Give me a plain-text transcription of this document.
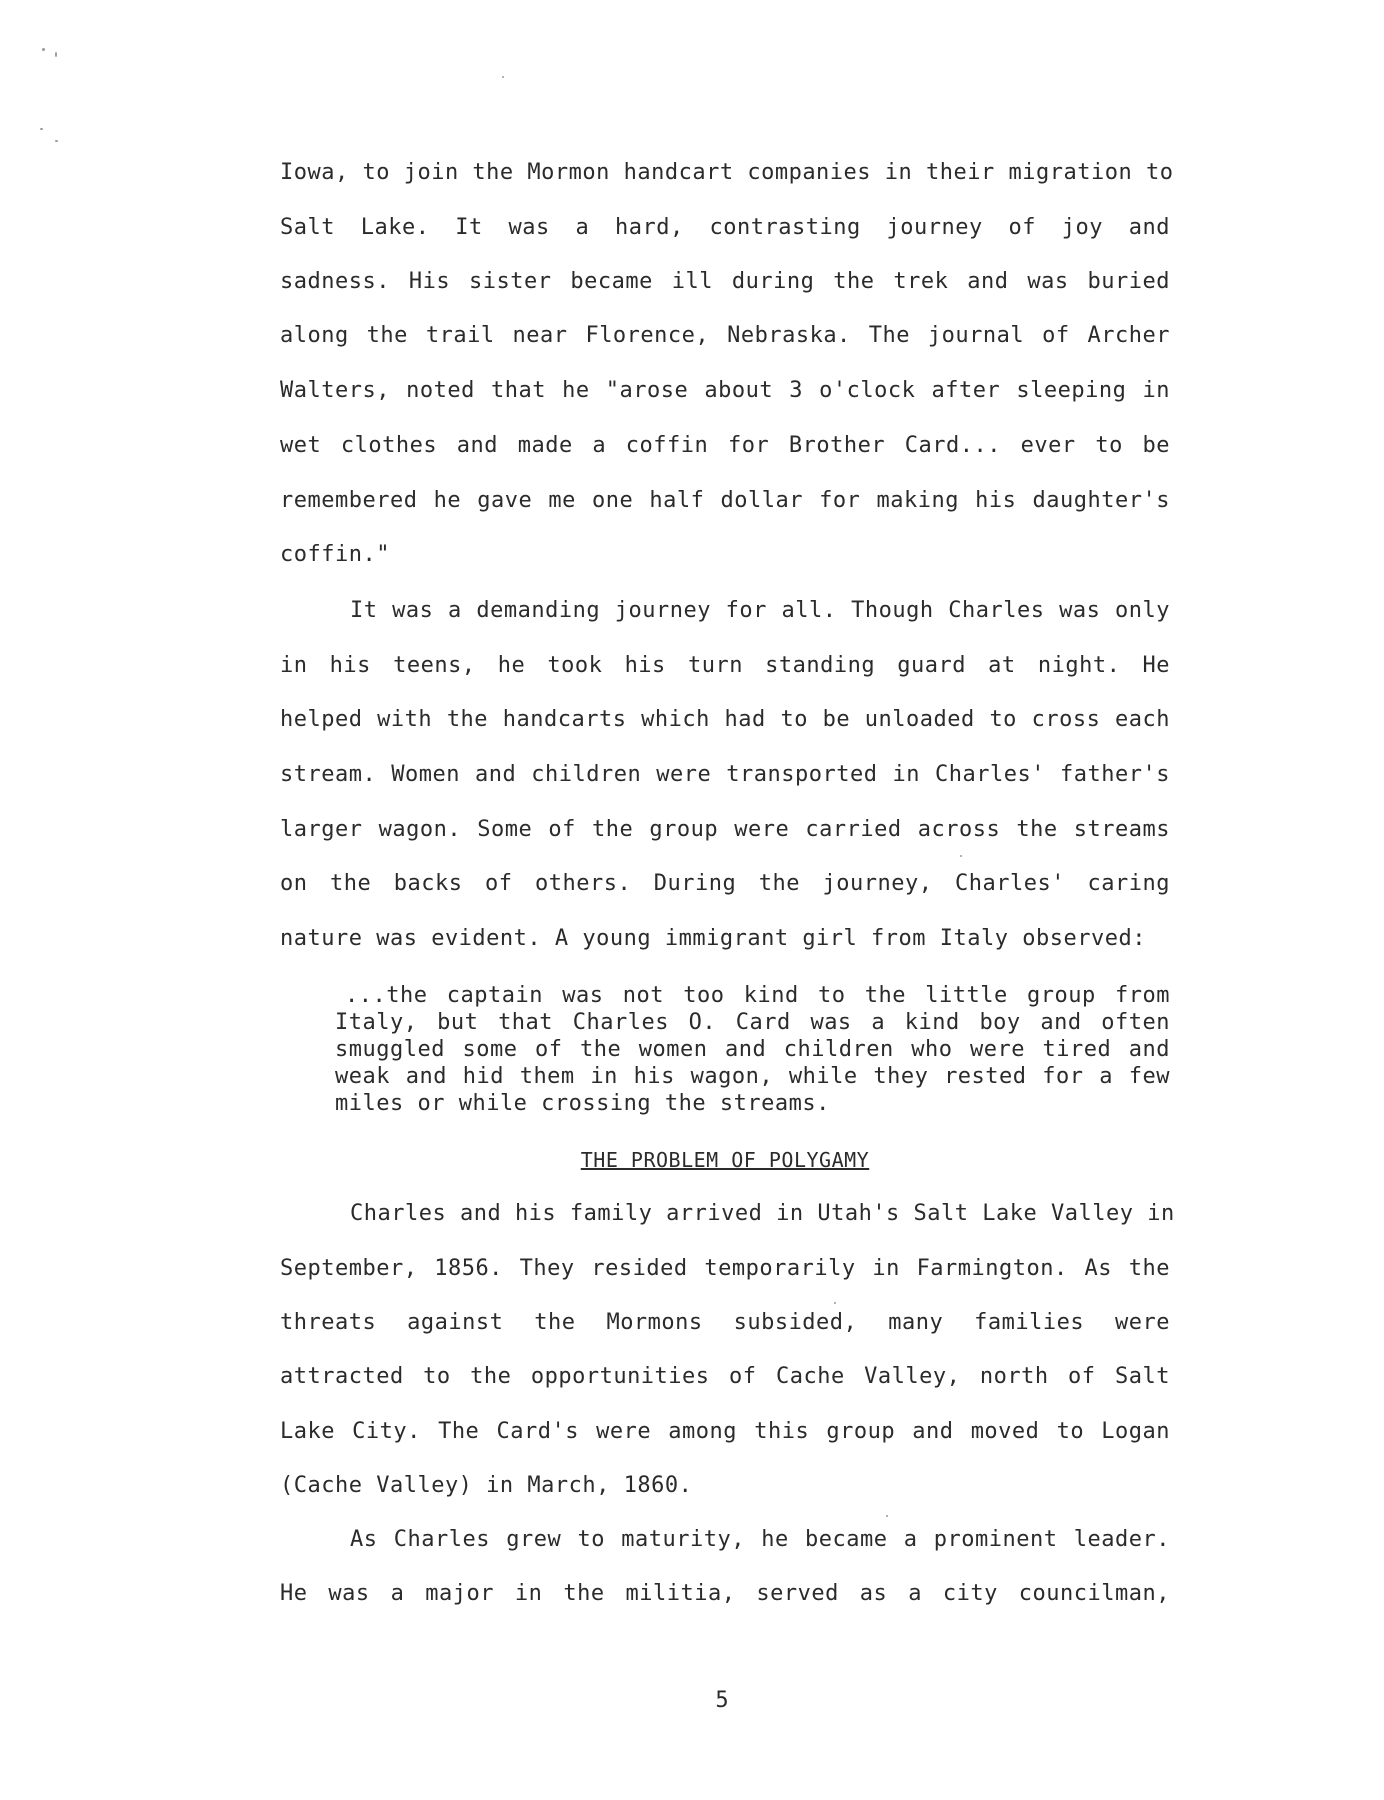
Iowa, to join the Mormon handcart companies in their migration to
Salt Lake. It was a hard, contrasting journey of joy and
sadness. His sister became ill during the trek and was buried
along the trail near Florence, Nebraska. The journal of Archer
Walters, noted that he "arose about 3 o'clock after sleeping in
wet clothes and made a coffin for Brother Card... ever to be
remembered he gave me one half dollar for making his daughter's
coffin."
It was a demanding journey for all. Though Charles was only
in his teens, he took his turn standing guard at night. He
helped with the handcarts which had to be unloaded to cross each
stream. Women and children were transported in Charles' father's
larger wagon. Some of the group were carried across the streams
on the backs of others. During the journey, Charles' caring
nature was evident. A young immigrant girl from Italy observed:
...the captain was not too kind to the little group from
Italy, but that Charles O. Card was a kind boy and often
smuggled some of the women and children who were tired and
weak and hid them in his wagon, while they rested for a few
miles or while crossing the streams.
THE PROBLEM OF POLYGAMY
Charles and his family arrived in Utah's Salt Lake Valley in
September, 1856. They resided temporarily in Farmington. As the
threats against the Mormons subsided, many families were
attracted to the opportunities of Cache Valley, north of Salt
Lake City. The Card's were among this group and moved to Logan
(Cache Valley) in March, 1860.
As Charles grew to maturity, he became a prominent leader.
He was a major in the militia, served as a city councilman,
5
